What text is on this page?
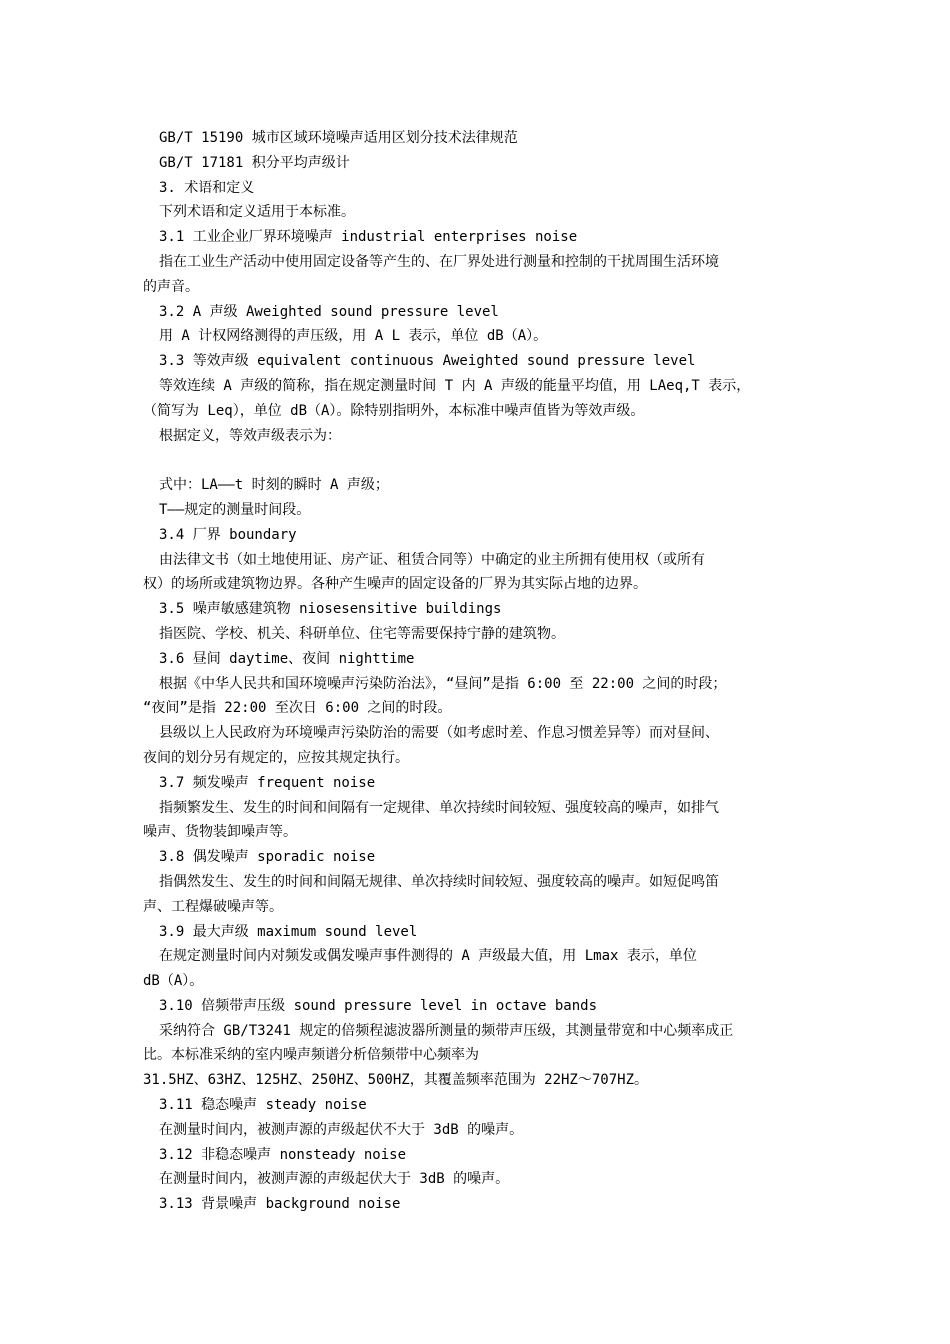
GB/T 15190 城市区域环境噪声适用区划分技术法律规范
GB/T 17181 积分平均声级计
3. 术语和定义
下列术语和定义适用于本标准。
3.1 工业企业厂界环境噪声 industrial enterprises noise
指在工业生产活动中使用固定设备等产生的、在厂界处进行测量和控制的干扰周围生活环境
的声音。
3.2 A 声级 Aweighted sound pressure level
用 A 计权网络测得的声压级，用 A L 表示，单位 dB（A）。
3.3 等效声级 equivalent continuous Aweighted sound pressure level
等效连续 A 声级的简称，指在规定测量时间 T 内 A 声级的能量平均值，用 LAeq,T 表示，
（简写为 Leq），单位 dB（A）。除特别指明外，本标准中噪声值皆为等效声级。
根据定义，等效声级表示为：
式中：LA——t 时刻的瞬时 A 声级；
T——规定的测量时间段。
3.4 厂界 boundary
由法律文书（如土地使用证、房产证、租赁合同等）中确定的业主所拥有使用权（或所有
权）的场所或建筑物边界。各种产生噪声的固定设备的厂界为其实际占地的边界。
3.5 噪声敏感建筑物 niosesensitive buildings
指医院、学校、机关、科研单位、住宅等需要保持宁静的建筑物。
3.6 昼间 daytime、夜间 nighttime
根据《中华人民共和国环境噪声污染防治法》，“昼间”是指 6:00 至 22:00 之间的时段；
“夜间”是指 22:00 至次日 6:00 之间的时段。
县级以上人民政府为环境噪声污染防治的需要（如考虑时差、作息习惯差异等）而对昼间、
夜间的划分另有规定的，应按其规定执行。
3.7 频发噪声 frequent noise
指频繁发生、发生的时间和间隔有一定规律、单次持续时间较短、强度较高的噪声，如排气
噪声、货物装卸噪声等。
3.8 偶发噪声 sporadic noise
指偶然发生、发生的时间和间隔无规律、单次持续时间较短、强度较高的噪声。如短促鸣笛
声、工程爆破噪声等。
3.9 最大声级 maximum sound level
在规定测量时间内对频发或偶发噪声事件测得的 A 声级最大值，用 Lmax 表示，单位
dB（A）。
3.10 倍频带声压级 sound pressure level in octave bands
采纳符合 GB/T3241 规定的倍频程滤波器所测量的频带声压级，其测量带宽和中心频率成正
比。本标准采纳的室内噪声频谱分析倍频带中心频率为
31.5HZ、63HZ、125HZ、250HZ、500HZ，其覆盖频率范围为 22HZ～707HZ。
3.11 稳态噪声 steady noise
在测量时间内，被测声源的声级起伏不大于 3dB 的噪声。
3.12 非稳态噪声 nonsteady noise
在测量时间内，被测声源的声级起伏大于 3dB 的噪声。
3.13 背景噪声 background noise
